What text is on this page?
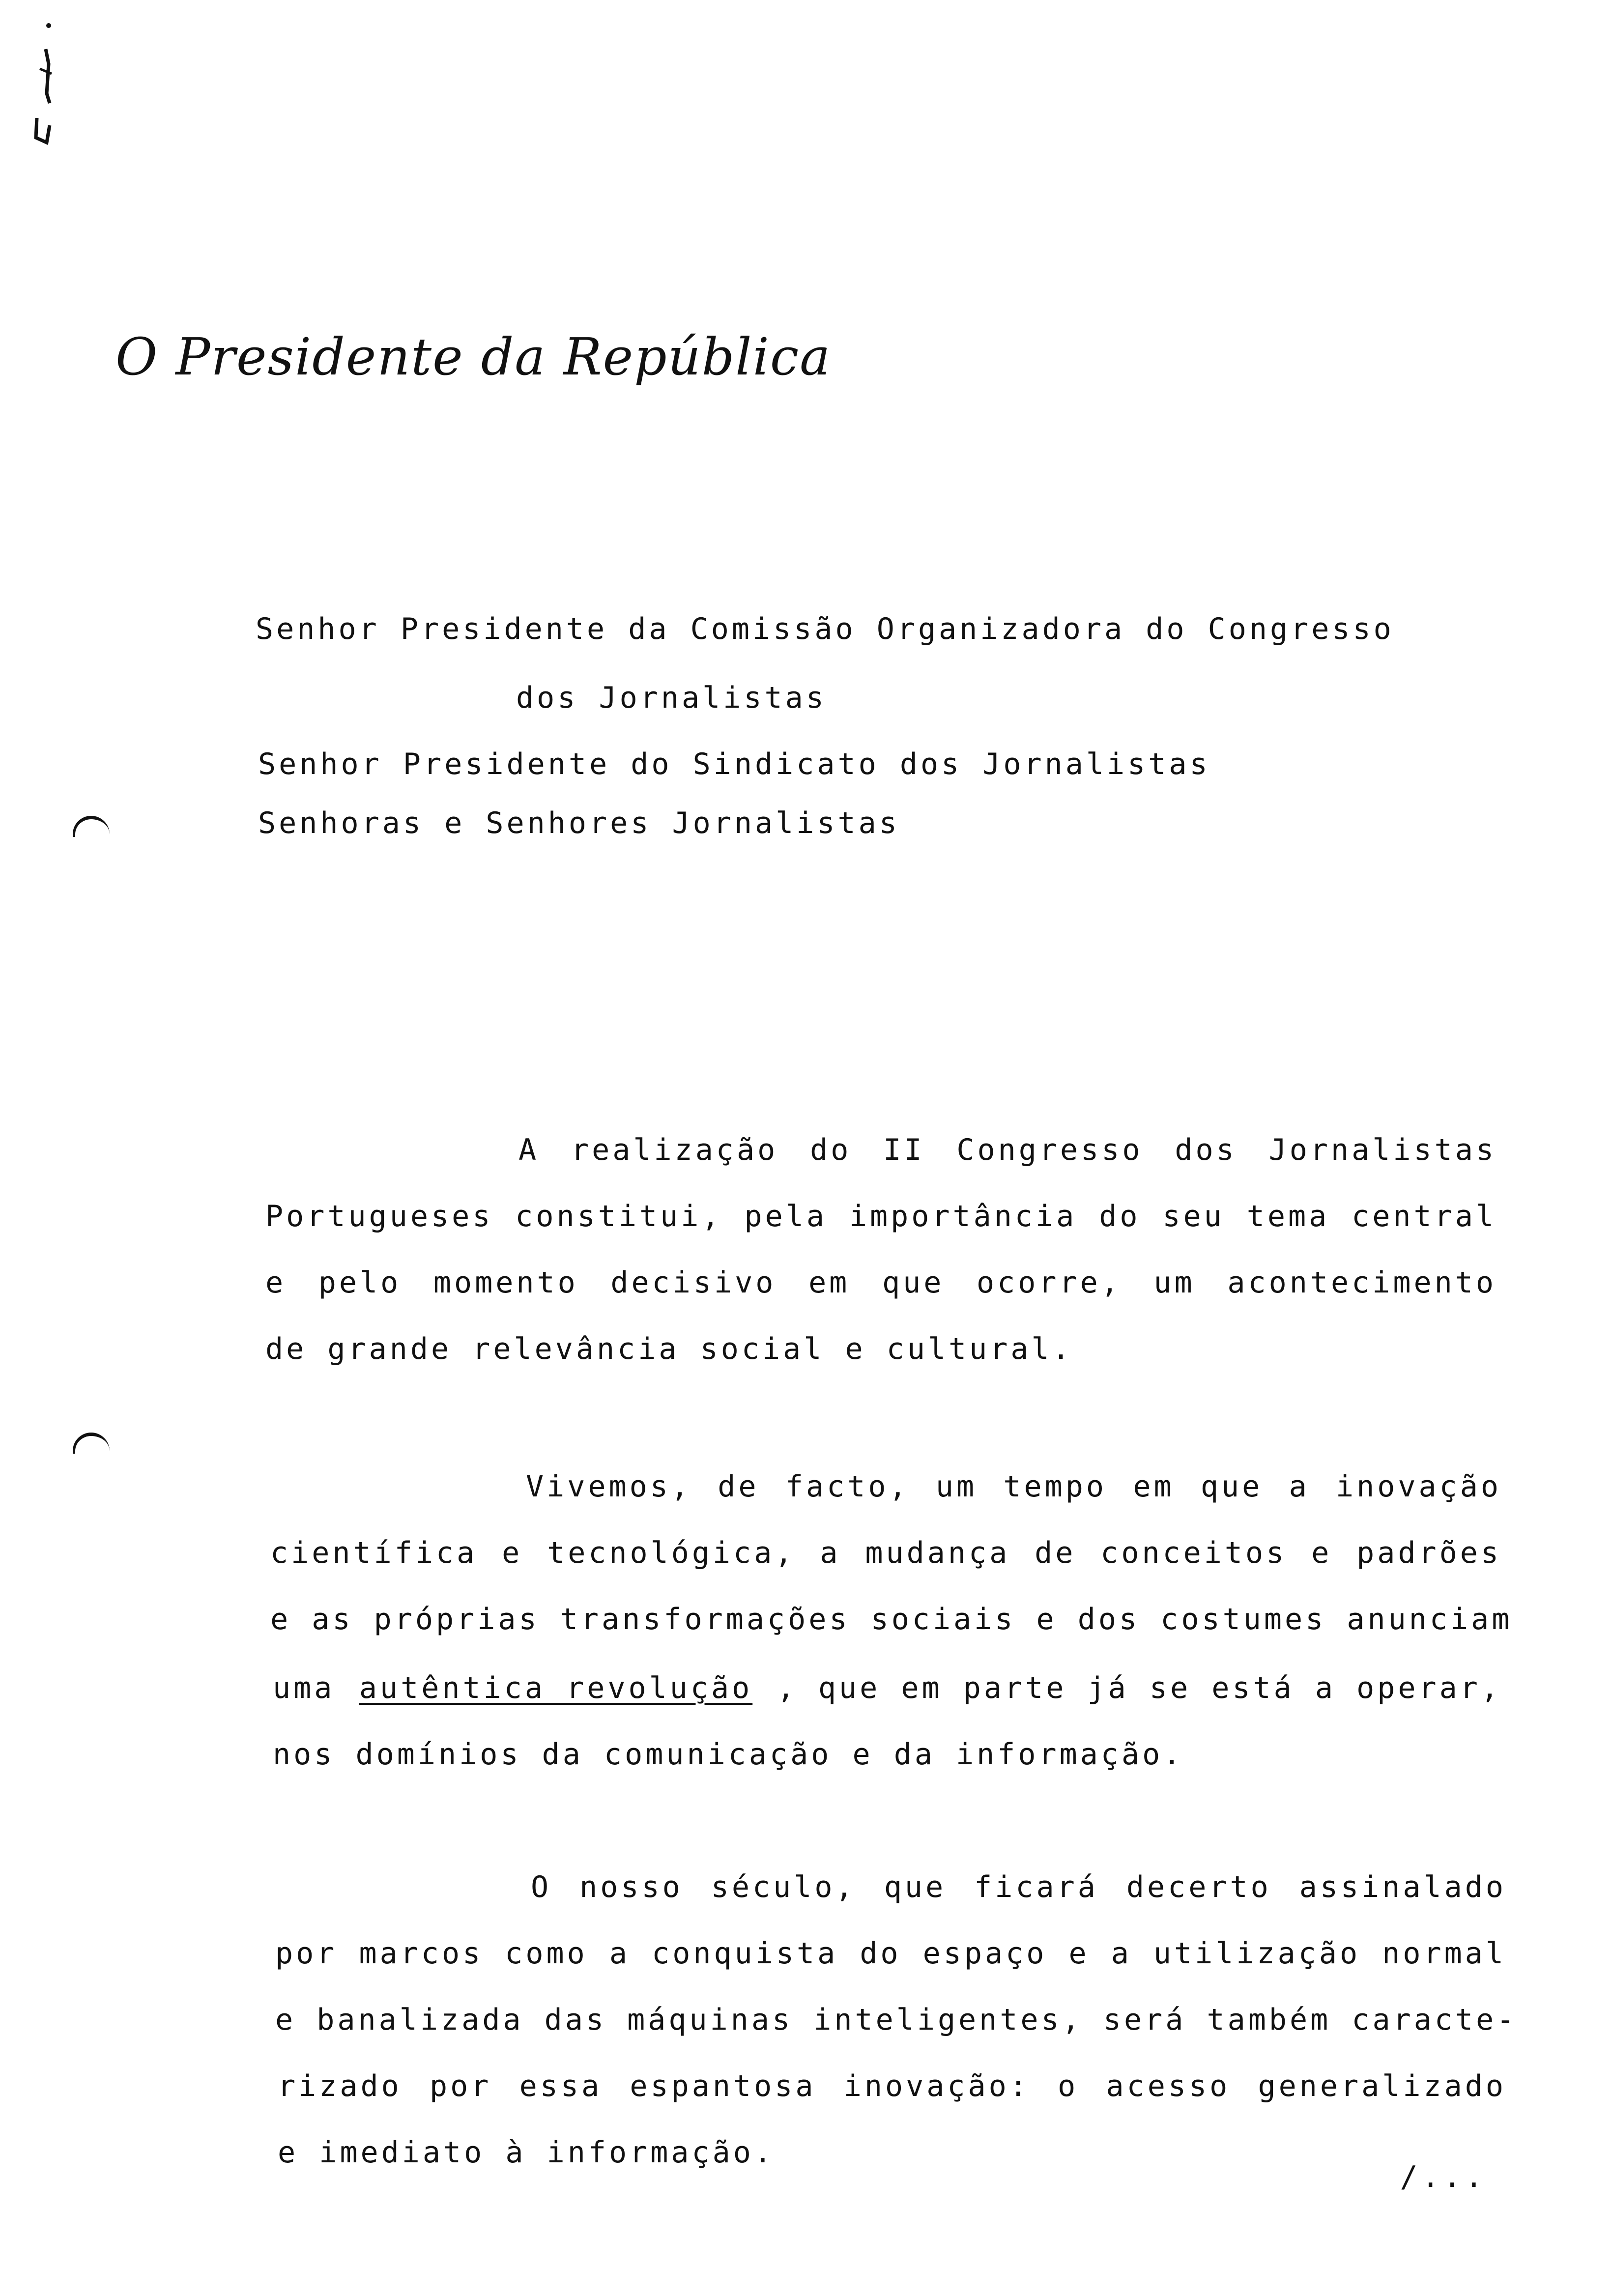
O Presidente da República
Senhor Presidente da Comissão Organizadora do Congresso
dos Jornalistas
Senhor Presidente do Sindicato dos Jornalistas
Senhoras e Senhores Jornalistas
A realização do II Congresso dos Jornalistas
Portugueses constitui, pela importância do seu tema central
e pelo momento decisivo em que ocorre, um acontecimento
de grande relevância social e cultural.
Vivemos, de facto, um tempo em que a inovação
científica e tecnológica, a mudança de conceitos e padrões
e as próprias transformações sociais e dos costumes anunciam
uma autêntica revolução , que em parte já se está a operar,
nos domínios da comunicação e da informação.
O nosso século, que ficará decerto assinalado
por marcos como a conquista do espaço e a utilização normal
e banalizada das máquinas inteligentes, será também caracte-
rizado por essa espantosa inovação: o acesso generalizado
e imediato à informação.
/...
